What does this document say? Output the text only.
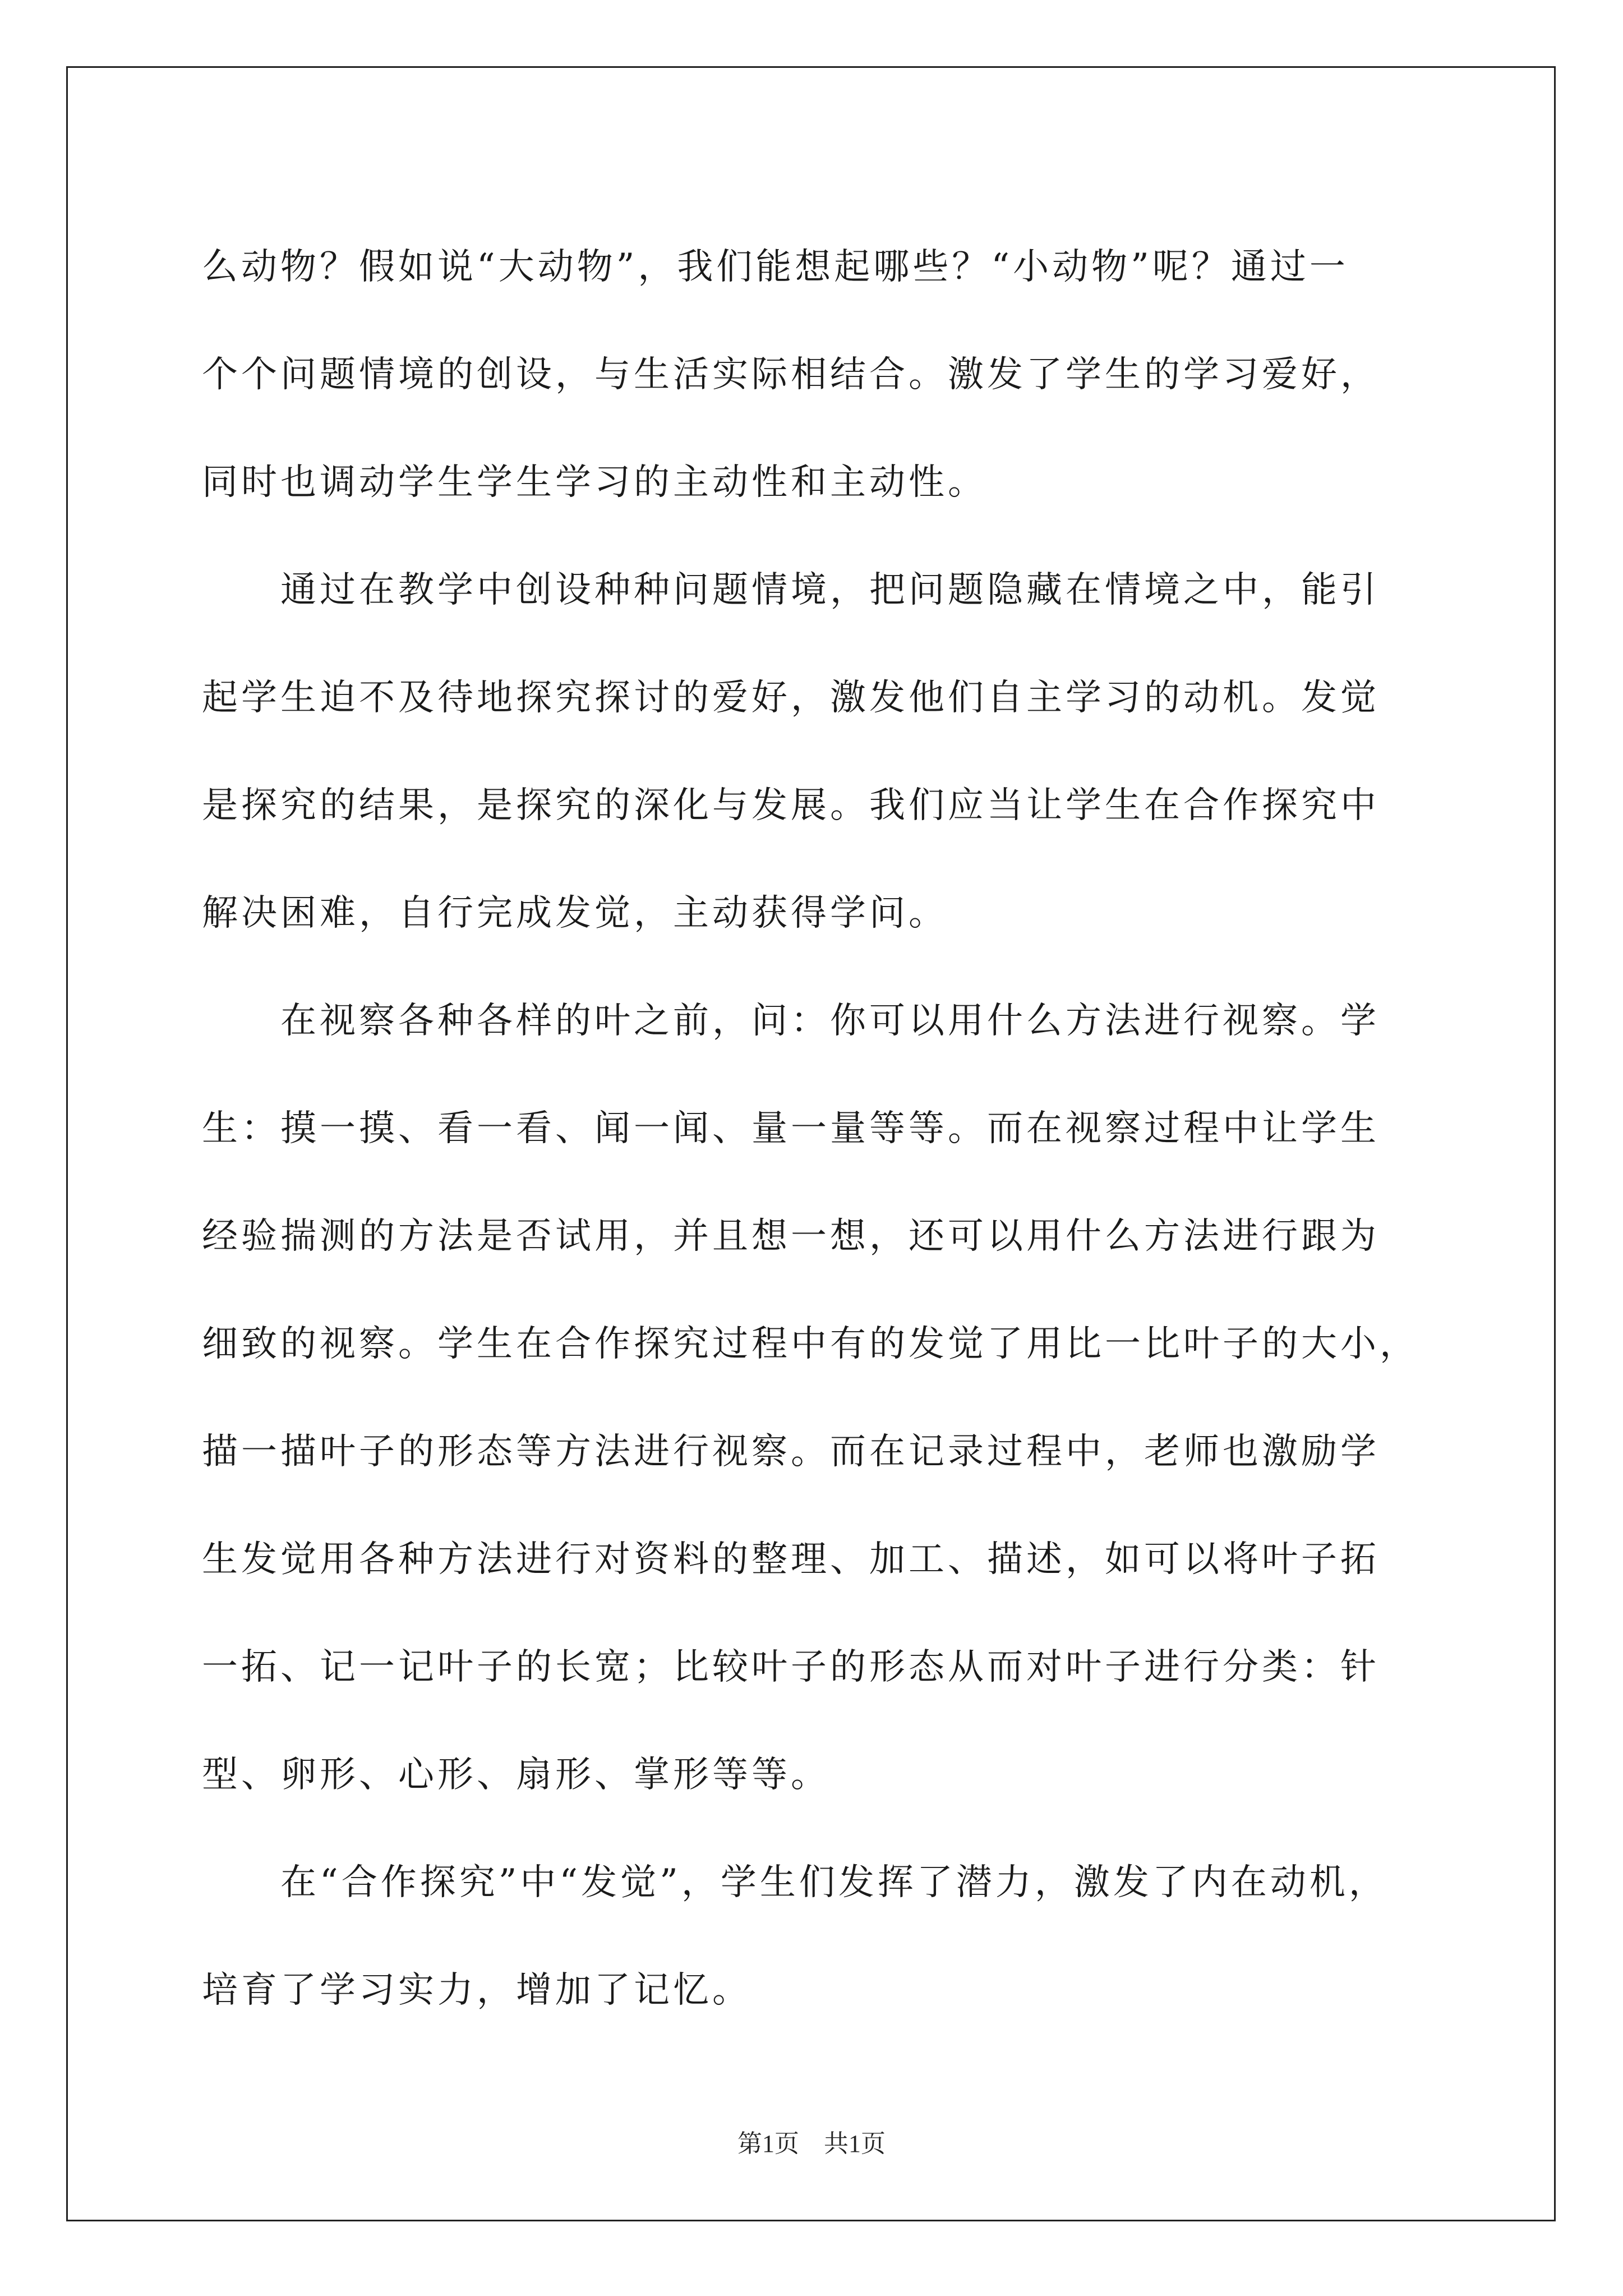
么动物？假如说“大动物”，我们能想起哪些？“小动物”呢？通过一
个个问题情境的创设，与生活实际相结合。激发了学生的学习爱好，
同时也调动学生学生学习的主动性和主动性。
通过在教学中创设种种问题情境，把问题隐藏在情境之中，能引
起学生迫不及待地探究探讨的爱好，激发他们自主学习的动机。发觉
是探究的结果，是探究的深化与发展。我们应当让学生在合作探究中
解决困难，自行完成发觉，主动获得学问。
在视察各种各样的叶之前，问：你可以用什么方法进行视察。学
生：摸一摸、看一看、闻一闻、量一量等等。而在视察过程中让学生
经验揣测的方法是否试用，并且想一想，还可以用什么方法进行跟为
细致的视察。学生在合作探究过程中有的发觉了用比一比叶子的大小，
描一描叶子的形态等方法进行视察。而在记录过程中，老师也激励学
生发觉用各种方法进行对资料的整理、加工、描述，如可以将叶子拓
一拓、记一记叶子的长宽；比较叶子的形态从而对叶子进行分类：针
型、卵形、心形、扇形、掌形等等。
在“合作探究”中“发觉”，学生们发挥了潜力，激发了内在动机，
培育了学习实力，增加了记忆。
第1页　共1页
